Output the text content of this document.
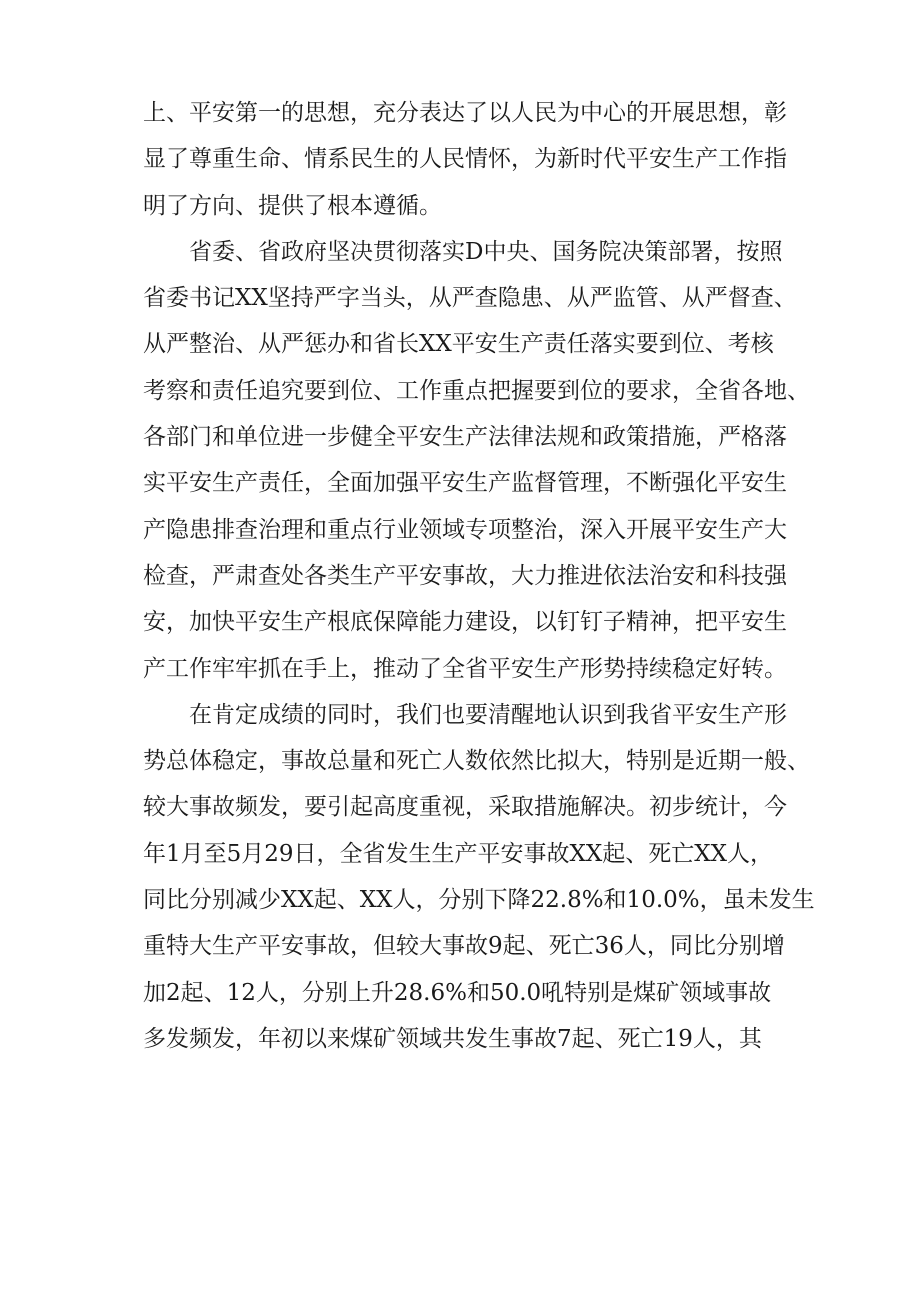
上、平安第一的思想，充分表达了以人民为中心的开展思想，彰
显了尊重生命、情系民生的人民情怀，为新时代平安生产工作指
明了方向、提供了根本遵循。
省委、省政府坚决贯彻落实D中央、国务院决策部署，按照
省委书记XX坚持严字当头，从严查隐患、从严监管、从严督查、
从严整治、从严惩办和省长XX平安生产责任落实要到位、考核
考察和责任追究要到位、工作重点把握要到位的要求，全省各地、
各部门和单位进一步健全平安生产法律法规和政策措施，严格落
实平安生产责任，全面加强平安生产监督管理，不断强化平安生
产隐患排查治理和重点行业领域专项整治，深入开展平安生产大
检查，严肃查处各类生产平安事故，大力推进依法治安和科技强
安，加快平安生产根底保障能力建设，以钉钉子精神，把平安生
产工作牢牢抓在手上，推动了全省平安生产形势持续稳定好转。
在肯定成绩的同时，我们也要清醒地认识到我省平安生产形
势总体稳定，事故总量和死亡人数依然比拟大，特别是近期一般、
较大事故频发，要引起高度重视，采取措施解决。初步统计，今
年1月至5月29日，全省发生生产平安事故XX起、死亡XX人，
同比分别减少XX起、XX人，分别下降22.8%和10.0%，虽未发生
重特大生产平安事故，但较大事故9起、死亡36人，同比分别增
加2起、12人，分别上升28.6%和50.0吼特别是煤矿领域事故
多发频发，年初以来煤矿领域共发生事故7起、死亡19人，其
